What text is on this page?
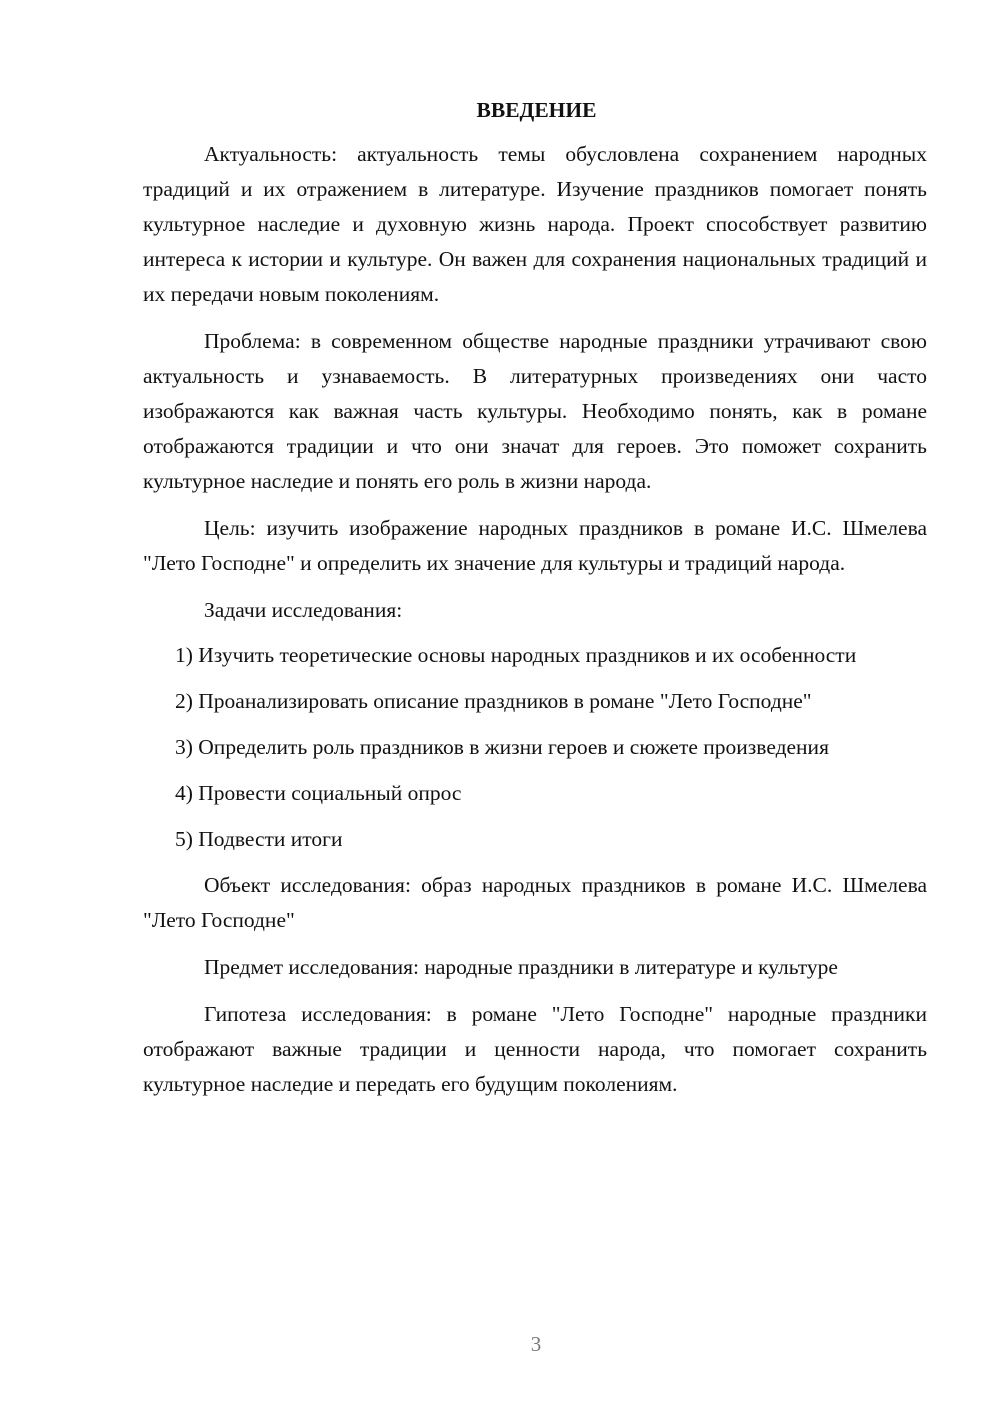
ВВЕДЕНИЕ

Актуальность: актуальность темы обусловлена сохранением народных традиций и их отражением в литературе. Изучение праздников помогает понять культурное наследие и духовную жизнь народа. Проект способствует развитию интереса к истории и культуре. Он важен для сохранения национальных традиций и их передачи новым поколениям.

Проблема: в современном обществе народные праздники утрачивают свою актуальность и узнаваемость. В литературных произведениях они часто изображаются как важная часть культуры. Необходимо понять, как в романе отображаются традиции и что они значат для героев. Это поможет сохранить культурное наследие и понять его роль в жизни народа.

Цель: изучить изображение народных праздников в романе И.С. Шмелева "Лето Господне" и определить их значение для культуры и традиций народа.

Задачи исследования:

1) Изучить теоретические основы народных праздников и их особенности

2) Проанализировать описание праздников в романе "Лето Господне"

3) Определить роль праздников в жизни героев и сюжете произведения

4) Провести социальный опрос

5) Подвести итоги

Объект исследования: образ народных праздников в романе И.С. Шмелева "Лето Господне"

Предмет исследования: народные праздники в литературе и культуре

Гипотеза исследования: в романе "Лето Господне" народные праздники отображают важные традиции и ценности народа, что помогает сохранить культурное наследие и передать его будущим поколениям.

3
